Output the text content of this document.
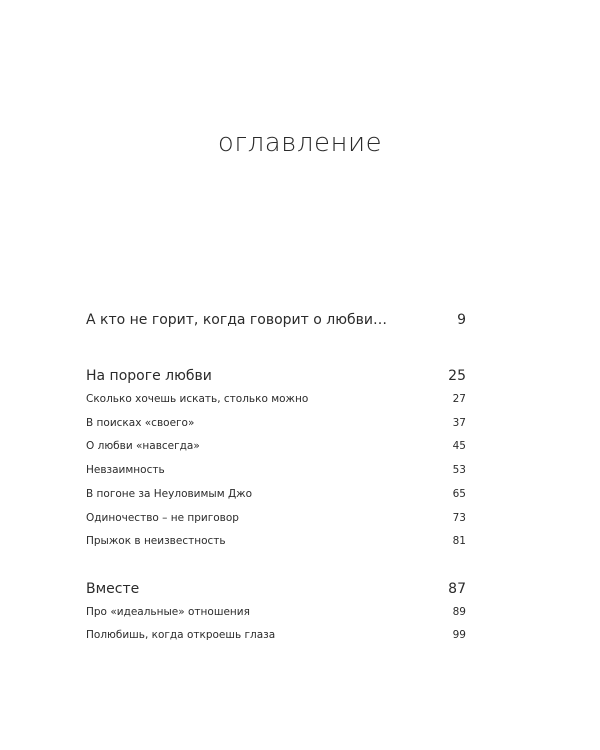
оглавление
А кто не горит, когда говорит о любви…	9
На пороге любви	25
Сколько хочешь искать, столько можно	27
В поисках «своего»	37
О любви «навсегда»	45
Невзаимность	53
В погоне за Неуловимым Джо	65
Одиночество – не приговор	73
Прыжок в неизвестность	81
Вместе	87
Про «идеальные» отношения	89
Полюбишь, когда откроешь глаза	99
